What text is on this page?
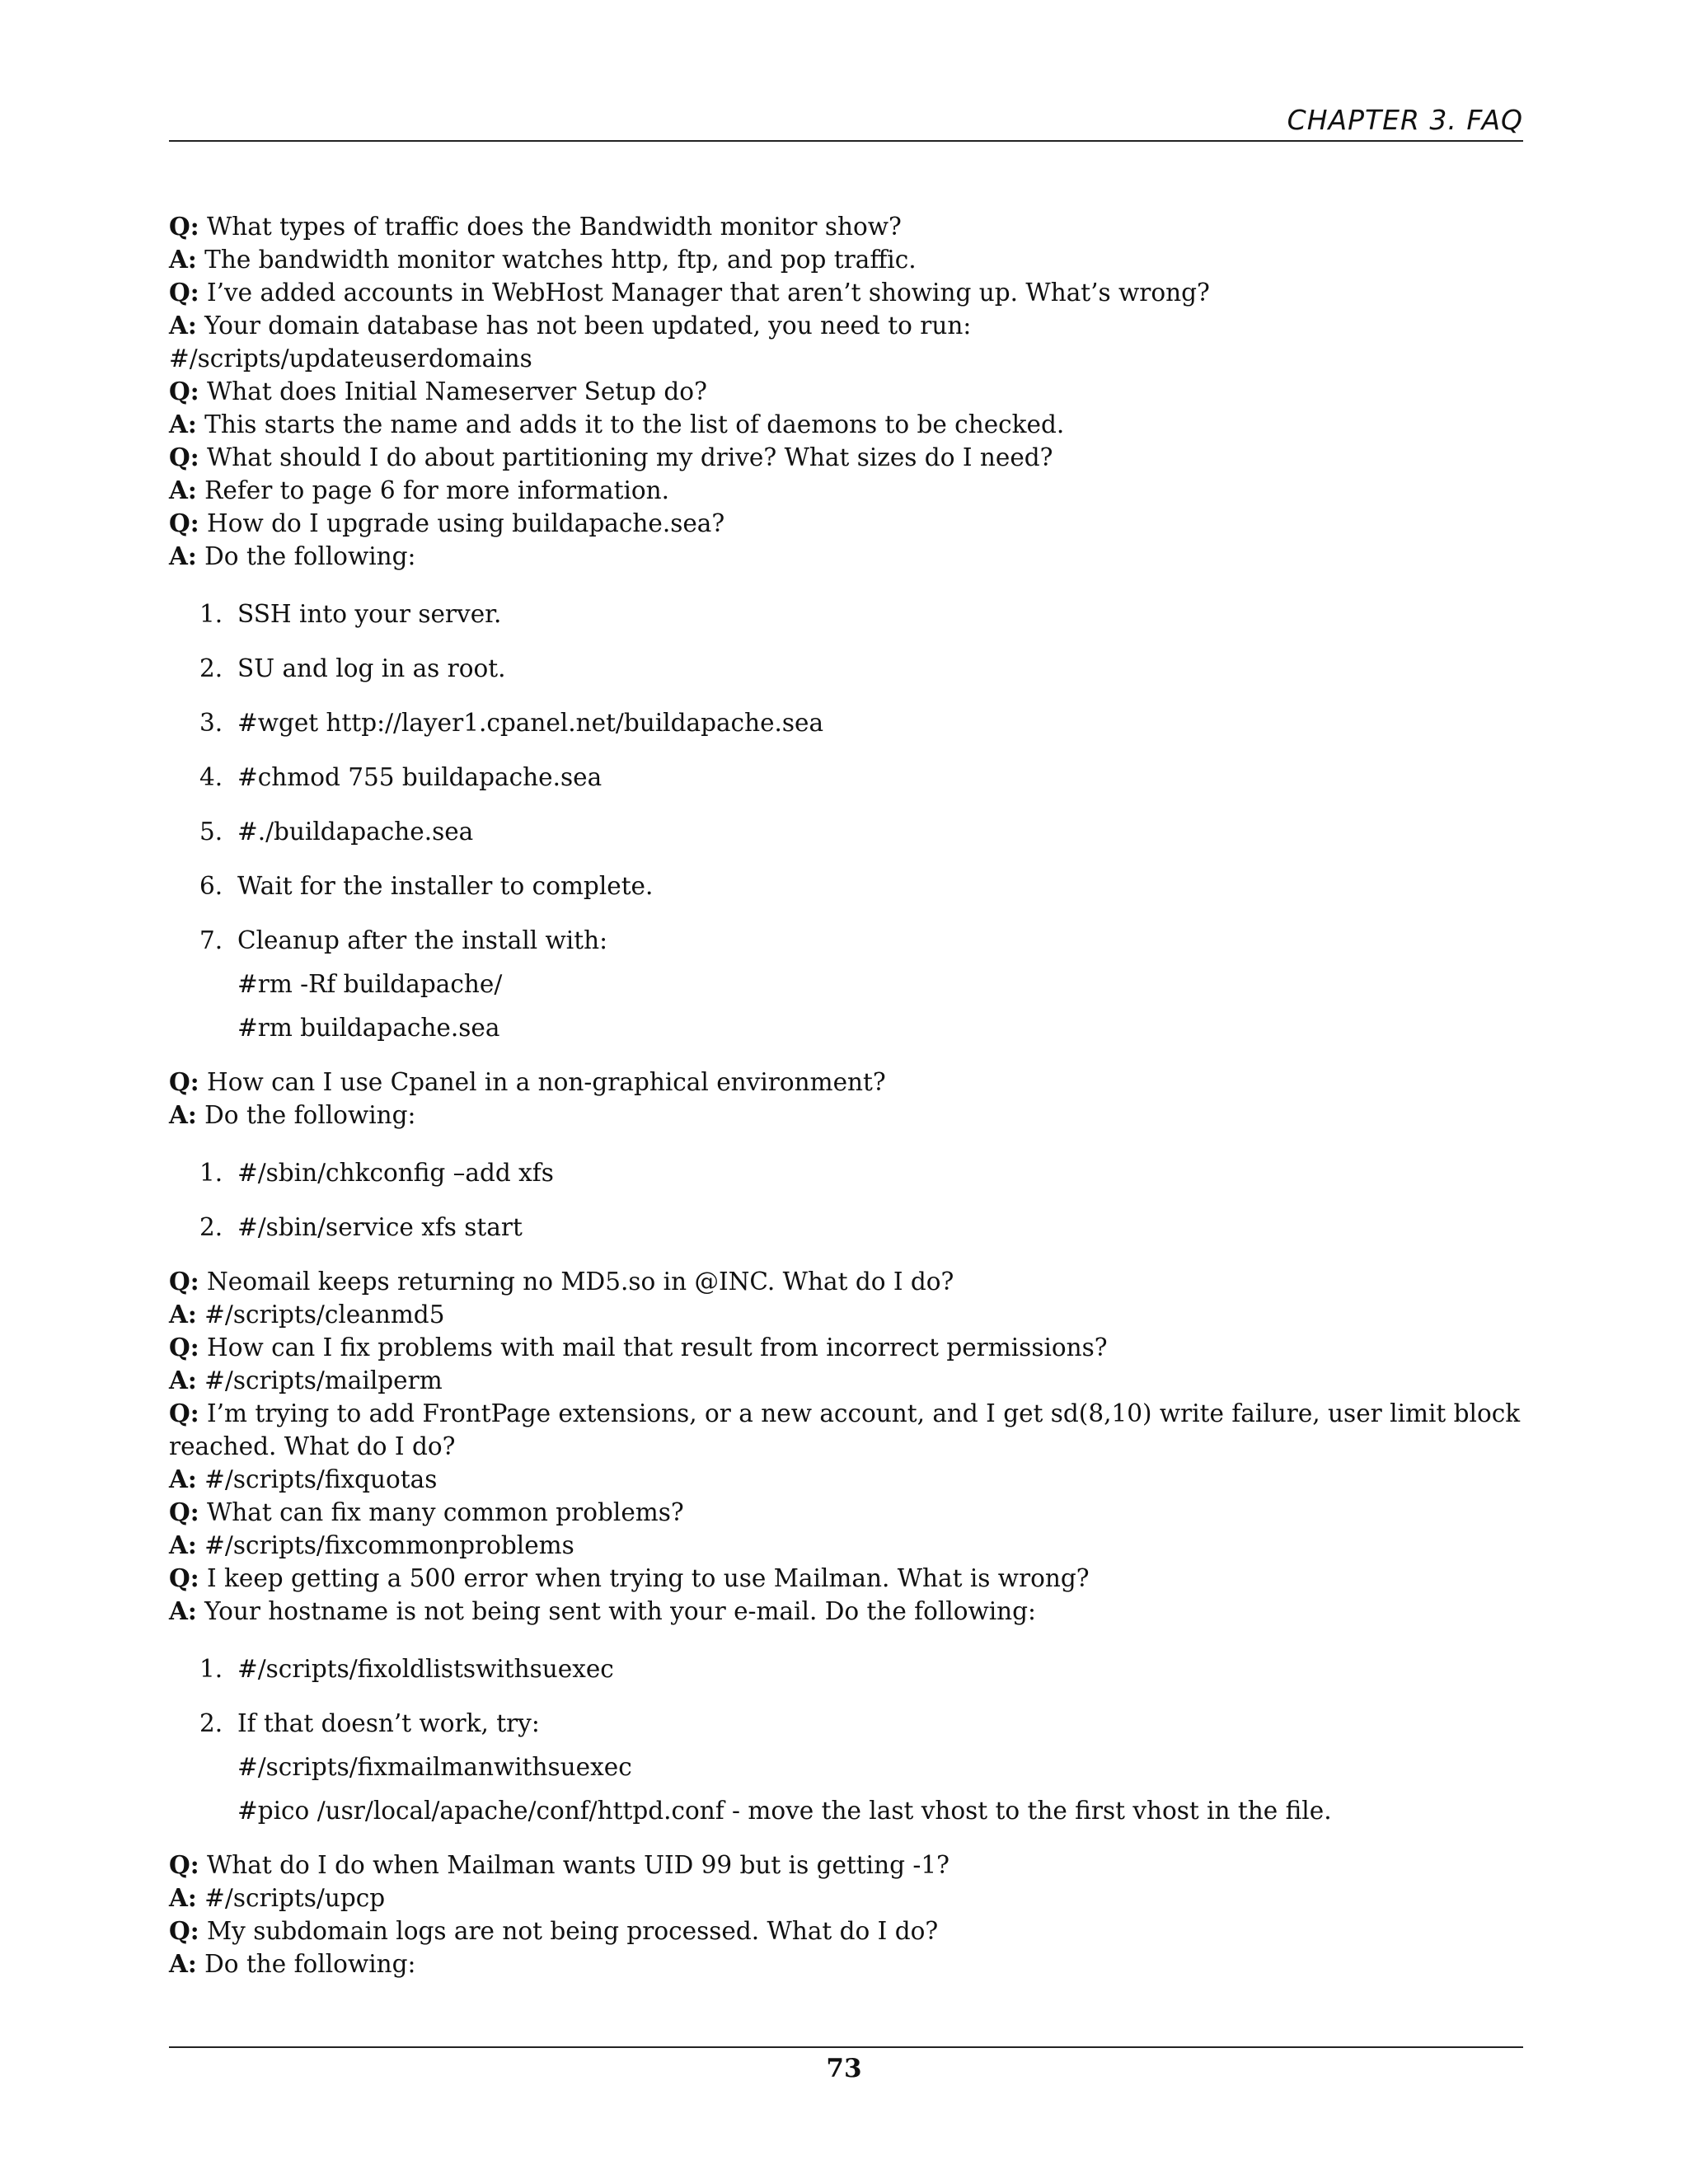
CHAPTER 3. FAQ
Q: What types of traffic does the Bandwidth monitor show?
A: The bandwidth monitor watches http, ftp, and pop traffic.
Q: I’ve added accounts in WebHost Manager that aren’t showing up. What’s wrong?
A: Your domain database has not been updated, you need to run:
#/scripts/updateuserdomains
Q: What does Initial Nameserver Setup do?
A: This starts the name and adds it to the list of daemons to be checked.
Q: What should I do about partitioning my drive? What sizes do I need?
A: Refer to page 6 for more information.
Q: How do I upgrade using buildapache.sea?
A: Do the following:
1. SSH into your server.
2. SU and log in as root.
3. #wget http://layer1.cpanel.net/buildapache.sea
4. #chmod 755 buildapache.sea
5. #./buildapache.sea
6. Wait for the installer to complete.
7. Cleanup after the install with:
#rm -Rf buildapache/
#rm buildapache.sea
Q: How can I use Cpanel in a non-graphical environment?
A: Do the following:
1. #/sbin/chkconfig –add xfs
2. #/sbin/service xfs start
Q: Neomail keeps returning no MD5.so in @INC. What do I do?
A: #/scripts/cleanmd5
Q: How can I fix problems with mail that result from incorrect permissions?
A: #/scripts/mailperm
Q: I’m trying to add FrontPage extensions, or a new account, and I get sd(8,10) write failure, user limit block reached. What do I do?
A: #/scripts/fixquotas
Q: What can fix many common problems?
A: #/scripts/fixcommonproblems
Q: I keep getting a 500 error when trying to use Mailman. What is wrong?
A: Your hostname is not being sent with your e-mail. Do the following:
1. #/scripts/fixoldlistswithsuexec
2. If that doesn’t work, try:
#/scripts/fixmailmanwithsuexec
#pico /usr/local/apache/conf/httpd.conf - move the last vhost to the first vhost in the file.
Q: What do I do when Mailman wants UID 99 but is getting -1?
A: #/scripts/upcp
Q: My subdomain logs are not being processed. What do I do?
A: Do the following:
73
